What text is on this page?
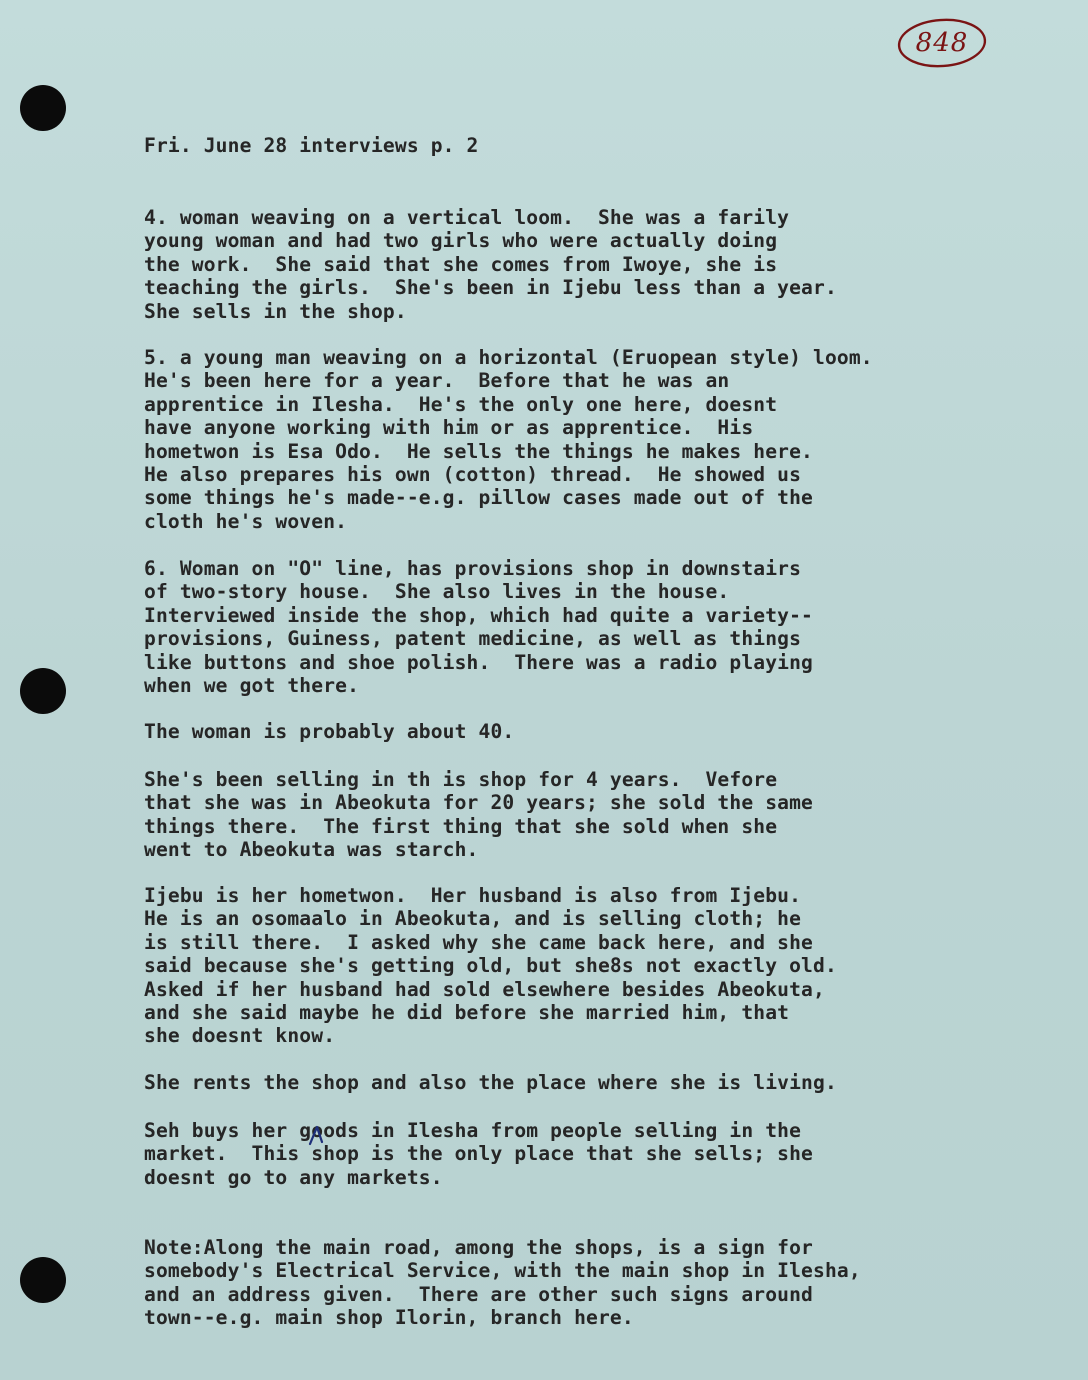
848
Fri. June 28 interviews p. 2
4. woman weaving on a vertical loom.  She was a farily
young woman and had two girls who were actually doing
the work.  She said that she comes from Iwoye, she is
teaching the girls.  She's been in Ijebu less than a year.
She sells in the shop.
5. a young man weaving on a horizontal (Eruopean style) loom.
He's been here for a year.  Before that he was an
apprentice in Ilesha.  He's the only one here, doesnt
have anyone working with him or as apprentice.  His
hometwon is Esa Odo.  He sells the things he makes here.
He also prepares his own (cotton) thread.  He showed us
some things he's made--e.g. pillow cases made out of the
cloth he's woven.
6. Woman on "O" line, has provisions shop in downstairs
of two-story house.  She also lives in the house.
Interviewed inside the shop, which had quite a variety--
provisions, Guiness, patent medicine, as well as things
like buttons and shoe polish.  There was a radio playing
when we got there.
The woman is probably about 40.
She's been selling in th is shop for 4 years.  Vefore
that she was in Abeokuta for 20 years; she sold the same
things there.  The first thing that she sold when she
went to Abeokuta was starch.
Ijebu is her hometwon.  Her husband is also from Ijebu.
He is an osomaalo in Abeokuta, and is selling cloth; he
is still there.  I asked why she came back here, and she
said because she's getting old, but she8s not exactly old.
Asked if her husband had sold elsewhere besides Abeokuta,
and she said maybe he did before she married him, that
she doesnt know.
She rents the shop and also the place where she is living.
Seh buys her goods in Ilesha from people selling in the
market.  This shop is the only place that she sells; she
doesnt go to any markets.
Note:Along the main road, among the shops, is a sign for
somebody's Electrical Service, with the main shop in Ilesha,
and an address given.  There are other such signs around
town--e.g. main shop Ilorin, branch here.
